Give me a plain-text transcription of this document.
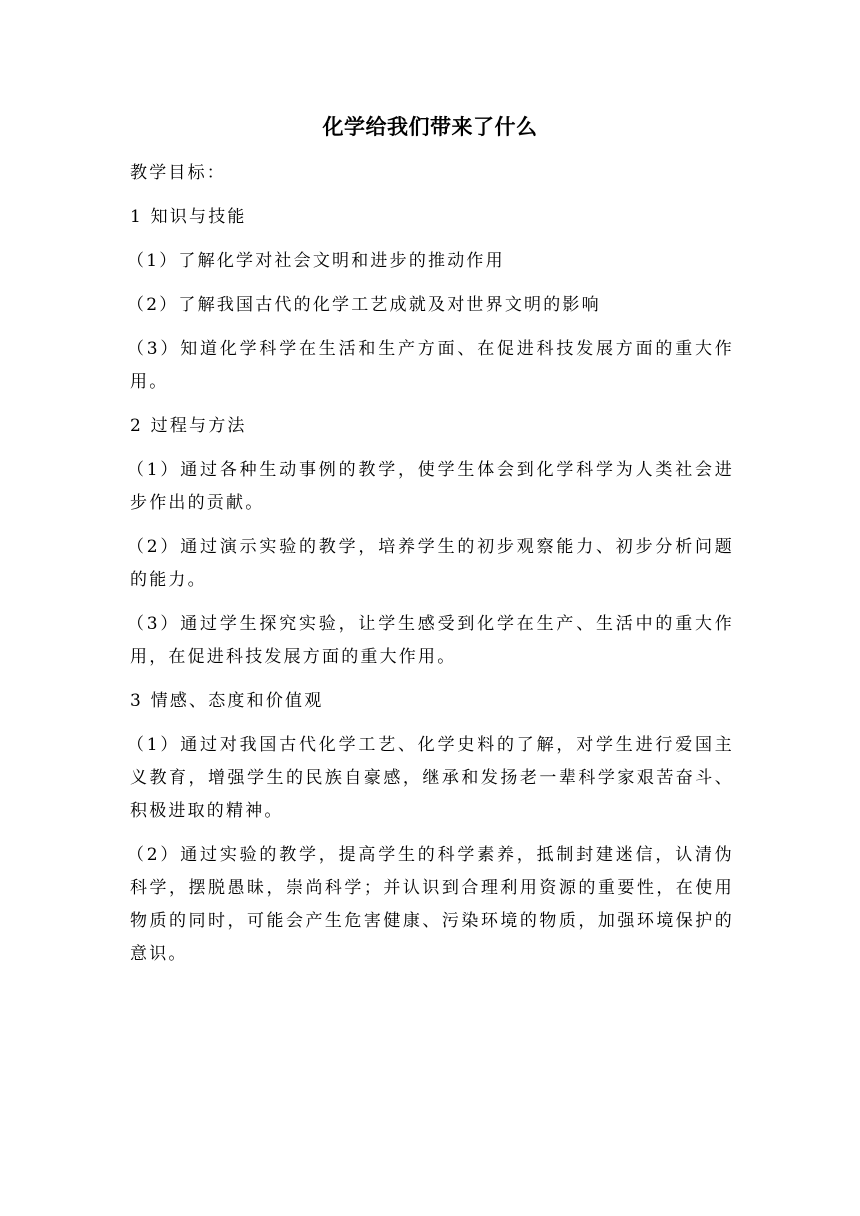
化学给我们带来了什么

教学目标：

1 知识与技能

（1）了解化学对社会文明和进步的推动作用

（2）了解我国古代的化学工艺成就及对世界文明的影响

（3）知道化学科学在生活和生产方面、在促进科技发展方面的重大作用。

2 过程与方法

（1）通过各种生动事例的教学，使学生体会到化学科学为人类社会进步作出的贡献。

（2）通过演示实验的教学，培养学生的初步观察能力、初步分析问题的能力。

（3）通过学生探究实验，让学生感受到化学在生产、生活中的重大作用，在促进科技发展方面的重大作用。

3 情感、态度和价值观

（1）通过对我国古代化学工艺、化学史料的了解，对学生进行爱国主义教育，增强学生的民族自豪感，继承和发扬老一辈科学家艰苦奋斗、积极进取的精神。

（2）通过实验的教学，提高学生的科学素养，抵制封建迷信，认清伪科学，摆脱愚昧，崇尚科学；并认识到合理利用资源的重要性，在使用物质的同时，可能会产生危害健康、污染环境的物质，加强环境保护的意识。
